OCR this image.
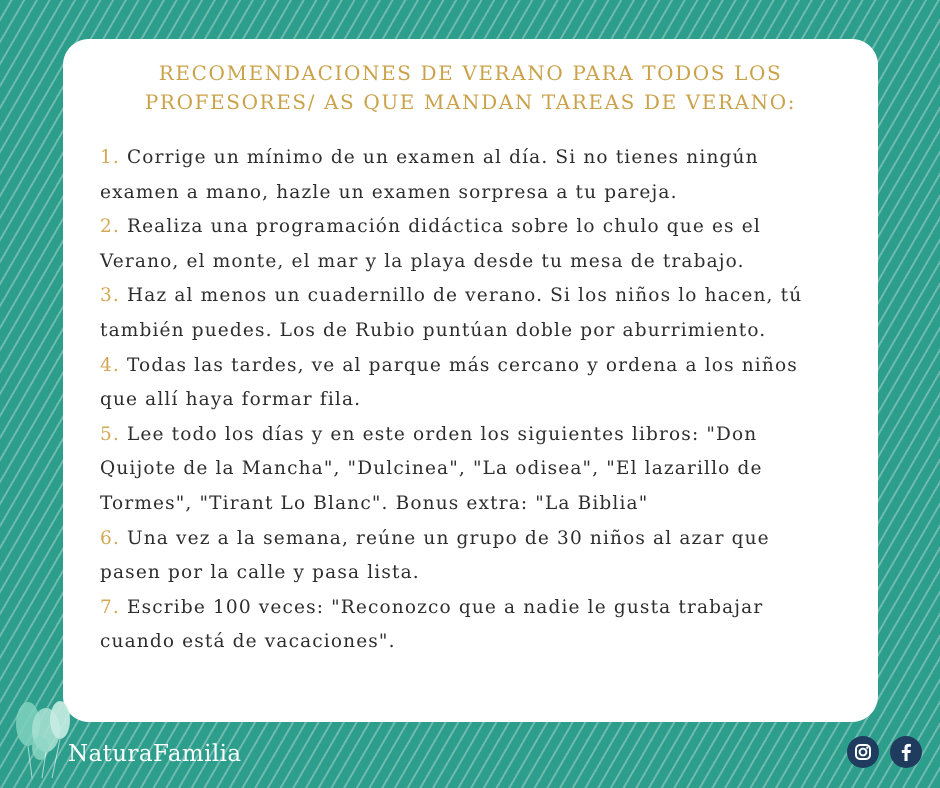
RECOMENDACIONES DE VERANO PARA TODOS LOS
PROFESORES/ AS QUE MANDAN TAREAS DE VERANO:
1. Corrige un mínimo de un examen al día. Si no tienes ningún
examen a mano, hazle un examen sorpresa a tu pareja.
2. Realiza una programación didáctica sobre lo chulo que es el
Verano, el monte, el mar y la playa desde tu mesa de trabajo.
3. Haz al menos un cuadernillo de verano. Si los niños lo hacen, tú
también puedes. Los de Rubio puntúan doble por aburrimiento.
4. Todas las tardes, ve al parque más cercano y ordena a los niños
que allí haya formar fila.
5. Lee todo los días y en este orden los siguientes libros: "Don
Quijote de la Mancha", "Dulcinea", "La odisea", "El lazarillo de
Tormes", "Tirant Lo Blanc". Bonus extra: "La Biblia"
6. Una vez a la semana, reúne un grupo de 30 niños al azar que
pasen por la calle y pasa lista.
7. Escribe 100 veces: "Reconozco que a nadie le gusta trabajar
cuando está de vacaciones".
NaturaFamilia
